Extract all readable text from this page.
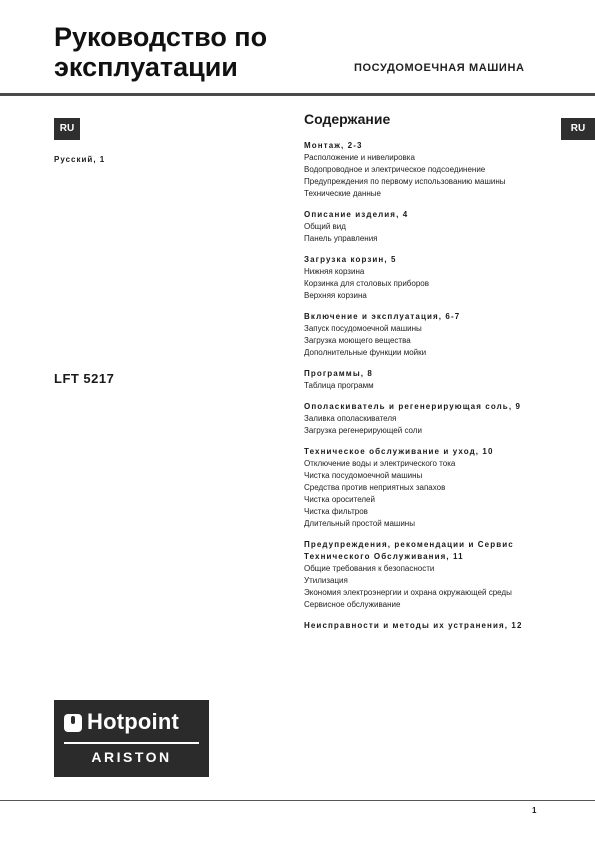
Руководство по
эксплуатации	ПОСУДОМОЕЧНАЯ МАШИНА
RU	RU
Русский, 1
LFT 5217
Содержание
Монтаж, 2-3
Расположение и нивелировка
Водопроводное и электрическое подсоединение
Предупреждения по первому использованию машины
Технические данные
Описание изделия, 4
Общий вид
Панель управления
Загрузка корзин, 5
Нижняя корзина
Корзинка для столовых приборов
Верхняя корзина
Включение и эксплуатация, 6-7
Запуск посудомоечной машины
Загрузка моющего вещества
Дополнительные функции мойки
Программы, 8
Таблица программ
Ополаскиватель и регенерирующая соль, 9
Заливка ополаскивателя
Загрузка регенерирующей соли
Техническое обслуживание и уход, 10
Отключение воды и электрического тока
Чистка посудомоечной машины
Средства против неприятных запахов
Чистка оросителей
Чистка фильтров
Длительный простой машины
Предупреждения, рекомендации и Сервис
Технического Обслуживания, 11
Общие требования к безопасности
Утилизация
Экономия электроэнергии и охрана окружающей среды
Сервисное обслуживание
Неисправности и методы их устранения, 12
Hotpoint
ARISTON
1
